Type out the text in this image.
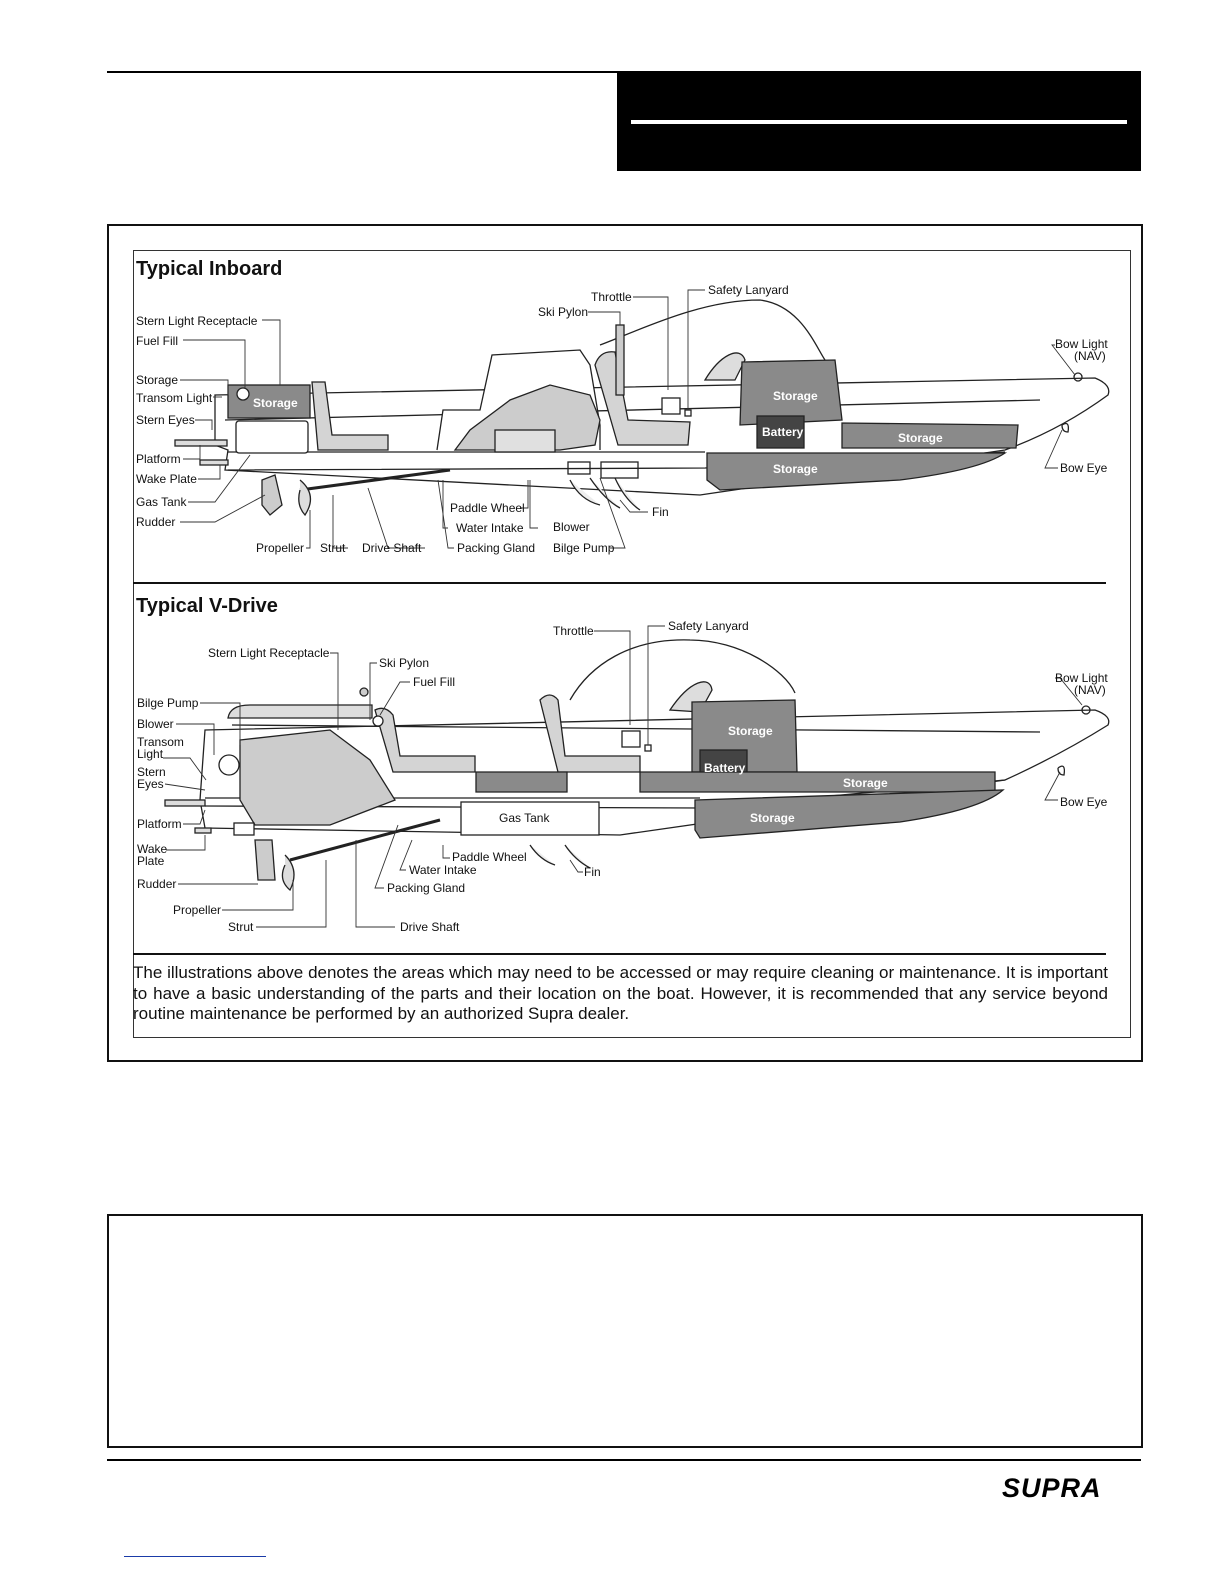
Typical Inboard
Stern Light Receptacle
Fuel Fill
Storage
Transom Light
Stern Eyes
Platform
Wake Plate
Gas Tank
Rudder
Propeller Strut Drive Shaft
Paddle Wheel
Water Intake
Packing Gland
Blower
Bilge Pump
Fin
Ski Pylon
Throttle	Safety Lanyard
Bow Light
(NAV)
Bow Eye
Storage	Storage
Battery	Storage
Storage
Typical V-Drive
Stern Light Receptacle
Ski Pylon
Fuel Fill
Bilge Pump
Blower
Transom
Light
Stern
Eyes
Platform
Wake
Plate
Rudder
Propeller
Strut	Drive Shaft
Packing Gland
Water Intake
Paddle Wheel
Fin
Throttle	Safety Lanyard
Bow Light
(NAV)
Bow Eye
Storage
Battery
Storage
Gas Tank	Storage
The illustrations above denotes the areas which may need to be accessed or may require cleaning or maintenance. It is important to have a basic understanding of the parts and their location on the boat. However, it is recommended that any service beyond routine maintenance be performed by an authorized Supra dealer.
SUPRA
